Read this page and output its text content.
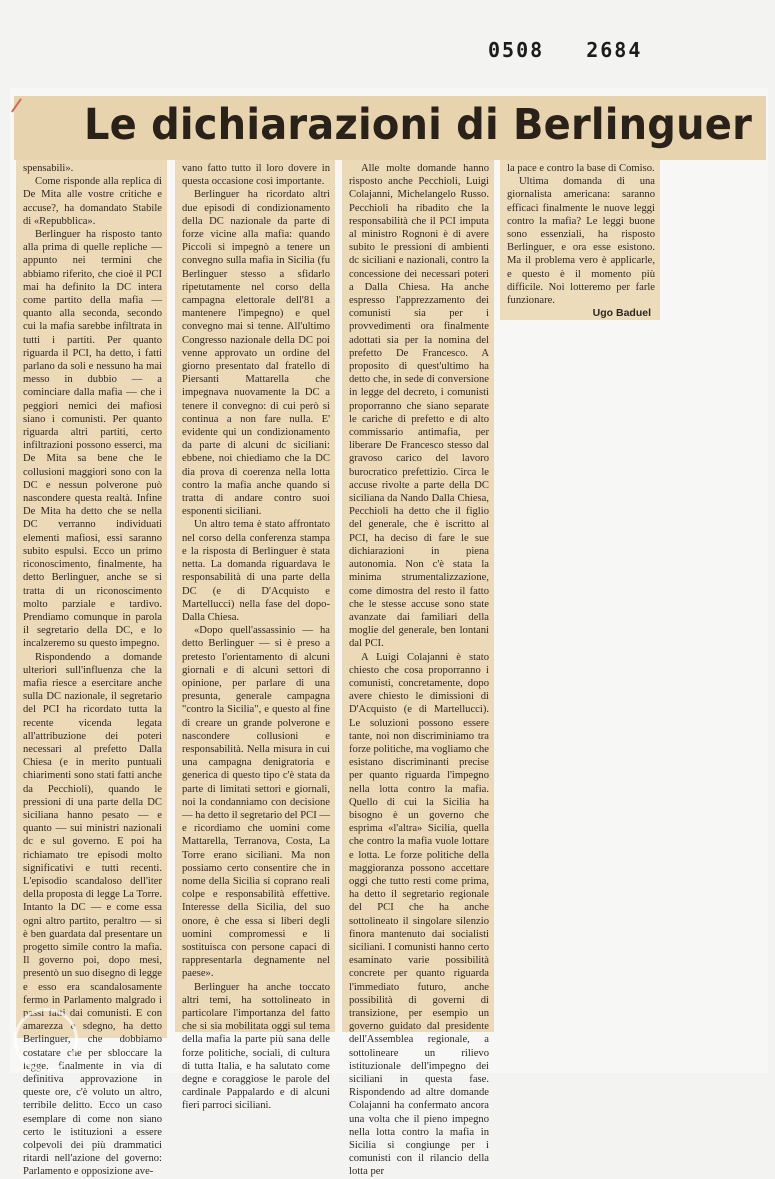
0508 2684
Le dichiarazioni di Berlinguer

spensabili».

Come risponde alla replica di De Mita alle vostre critiche e accuse?, ha domandato Stabile di «Repubblica».

Berlinguer ha risposto tanto alla prima di quelle repliche — appunto nei termini che abbiamo riferito, che cioè il PCI mai ha definito la DC intera come partito della mafia — quanto alla seconda, secondo cui la mafia sarebbe infiltrata in tutti i partiti. Per quanto riguarda il PCI, ha detto, i fatti parlano da soli e nessuno ha mai messo in dubbio — a cominciare dalla mafia — che i peggiori nemici dei mafiosi siano i comunisti. Per quanto riguarda altri partiti, certo infiltrazioni possono esserci, ma De Mita sa bene che le collusioni maggiori sono con la DC e nessun polverone può nascondere questa realtà. Infine De Mita ha detto che se nella DC verranno individuati elementi mafiosi, essi saranno subito espulsi. Ecco un primo riconoscimento, finalmente, ha detto Berlinguer, anche se si tratta di un riconoscimento molto parziale e tardivo. Prendiamo comunque in parola il segretario della DC, e lo incalzeremo su questo impegno.

Rispondendo a domande ulteriori sull'influenza che la mafia riesce a esercitare anche sulla DC nazionale, il segretario del PCI ha ricordato tutta la recente vicenda legata all'attribuzione dei poteri necessari al prefetto Dalla Chiesa (e in merito puntuali chiarimenti sono stati fatti anche da Pecchioli), quando le pressioni di una parte della DC siciliana hanno pesato — e quanto — sui ministri nazionali dc e sul governo. E poi ha richiamato tre episodi molto significativi e tutti recenti. L'episodio scandaloso dell'iter della proposta di legge La Torre. Intanto la DC — e come essa ogni altro partito, peraltro — si è ben guardata dal presentare un progetto simile contro la mafia. Il governo poi, dopo mesi, presentò un suo disegno di legge e esso era scandalosamente fermo in Parlamento malgrado i passi fatti dai comunisti. E con amarezza e sdegno, ha detto Berlinguer, che dobbiamo costatare che per sbloccare la legge, finalmente in via di definitiva approvazione in queste ore, c'è voluto un altro, terribile delitto. Ecco un caso esemplare di come non siano certo le istituzioni a essere colpevoli dei più drammatici ritardi nell'azione del governo: Parlamento e opposizione ave-

vano fatto tutto il loro dovere in questa occasione così importante.

Berlinguer ha ricordato altri due episodi di condizionamento della DC nazionale da parte di forze vicine alla mafia: quando Piccoli si impegnò a tenere un convegno sulla mafia in Sicilia (fu Berlinguer stesso a sfidarlo ripetutamente nel corso della campagna elettorale dell'81 a mantenere l'impegno) e quel convegno mai si tenne. All'ultimo Congresso nazionale della DC poi venne approvato un ordine del giorno presentato dal fratello di Piersanti Mattarella che impegnava nuovamente la DC a tenere il convegno: di cui però si continua a non fare nulla. E' evidente qui un condizionamento da parte di alcuni dc siciliani: ebbene, noi chiediamo che la DC dia prova di coerenza nella lotta contro la mafia anche quando si tratta di andare contro suoi esponenti siciliani.

Un altro tema è stato affrontato nel corso della conferenza stampa e la risposta di Berlinguer è stata netta. La domanda riguardava le responsabilità di una parte della DC (e di D'Acquisto e Martellucci) nella fase del dopo-Dalla Chiesa.

«Dopo quell'assassinio — ha detto Berlinguer — si è preso a pretesto l'orientamento di alcuni giornali e di alcuni settori di opinione, per parlare di una presunta, generale campagna "contro la Sicilia", e questo al fine di creare un grande polverone e nascondere collusioni e responsabilità. Nella misura in cui una campagna denigratoria e generica di questo tipo c'è stata da parte di limitati settori e giornali, noi la condanniamo con decisione — ha detto il segretario del PCI — e ricordiamo che uomini come Mattarella, Terranova, Costa, La Torre erano siciliani. Ma non possiamo certo consentire che in nome della Sicilia si coprano reali colpe e responsabilità effettive. Interesse della Sicilia, del suo onore, è che essa si liberi degli uomini compromessi e li sostituisca con persone capaci di rappresentarla degnamente nel paese».

Berlinguer ha anche toccato altri temi, ha sottolineato in particolare l'importanza del fatto che si sia mobilitata oggi sul tema della mafia la parte più sana delle forze politiche, sociali, di cultura di tutta Italia, e ha salutato come degne e coraggiose le parole del cardinale Pappalardo e di alcuni fieri parroci siciliani.

Alle molte domande hanno risposto anche Pecchioli, Luigi Colajanni, Michelangelo Russo. Pecchioli ha ribadito che la responsabilità che il PCI imputa al ministro Rognoni è di avere subito le pressioni di ambienti dc siciliani e nazionali, contro la concessione dei necessari poteri a Dalla Chiesa. Ha anche espresso l'apprezzamento dei comunisti sia per i provvedimenti ora finalmente adottati sia per la nomina del prefetto De Francesco. A proposito di quest'ultimo ha detto che, in sede di conversione in legge del decreto, i comunisti proporranno che siano separate le cariche di prefetto e di alto commissario antimafia, per liberare De Francesco stesso dal gravoso carico del lavoro burocratico prefettizio. Circa le accuse rivolte a parte della DC siciliana da Nando Dalla Chiesa, Pecchioli ha detto che il figlio del generale, che è iscritto al PCI, ha deciso di fare le sue dichiarazioni in piena autonomia. Non c'è stata la minima strumentalizzazione, come dimostra del resto il fatto che le stesse accuse sono state avanzate dai familiari della moglie del generale, ben lontani dal PCI.

A Luigi Colajanni è stato chiesto che cosa proporranno i comunisti, concretamente, dopo avere chiesto le dimissioni di D'Acquisto (e di Martellucci). Le soluzioni possono essere tante, noi non discriminiamo tra forze politiche, ma vogliamo che esistano discriminanti precise per quanto riguarda l'impegno nella lotta contro la mafia. Quello di cui la Sicilia ha bisogno è un governo che esprima «l'altra» Sicilia, quella che contro la mafia vuole lottare e lotta. Le forze politiche della maggioranza possono accettare oggi che tutto resti come prima, ha detto il segretario regionale del PCI che ha anche sottolineato il singolare silenzio finora mantenuto dai socialisti siciliani. I comunisti hanno certo esaminato varie possibilità concrete per quanto riguarda l'immediato futuro, anche possibilità di governi di transizione, per esempio un governo guidato dal presidente dell'Assemblea regionale, a sottolineare un rilievo istituzionale dell'impegno dei siciliani in questa fase. Rispondendo ad altre domande Colajanni ha confermato ancora una volta che il pieno impegno nella lotta contro la mafia in Sicilia si congiunge per i comunisti con il rilancio della lotta per

la pace e contro la base di Comiso.

Ultima domanda di una giornalista americana: saranno efficaci finalmente le nuove leggi contro la mafia? Le leggi buone sono essenziali, ha risposto Berlinguer, e ora esse esistono. Ma il problema vero è applicarle, e questo è il momento più difficile. Noi lotteremo per farle funzionare.

Ugo Baduel
